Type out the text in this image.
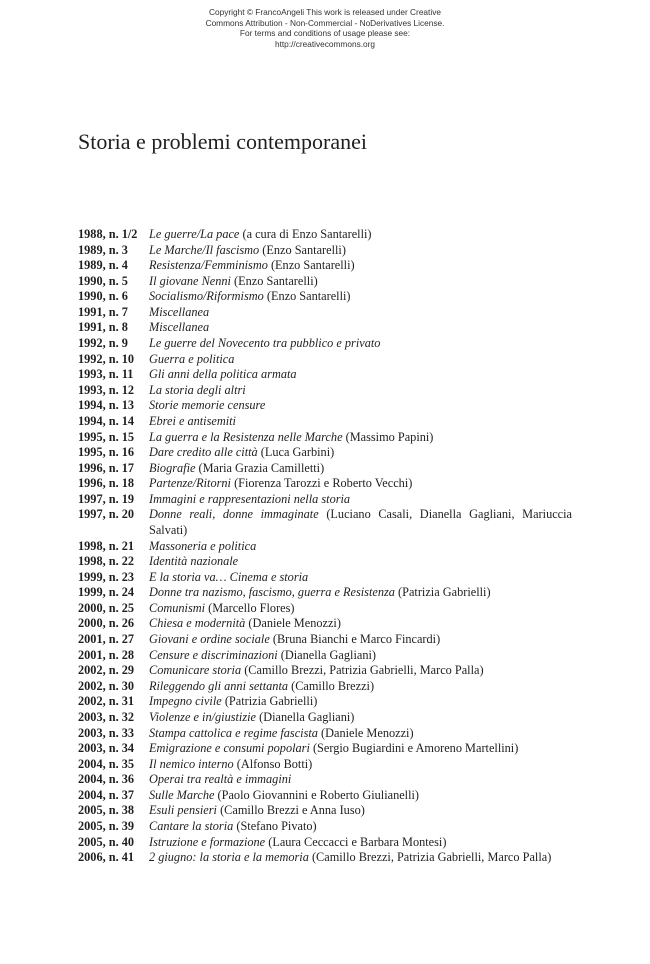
Copyright © FrancoAngeli This work is released under Creative
Commons Attribution - Non-Commercial - NoDerivatives License.
For terms and conditions of usage please see:
http://creativecommons.org
Storia e problemi contemporanei
1988, n. 1/2 Le guerre/La pace (a cura di Enzo Santarelli)
1989, n. 3	Le Marche/Il fascismo (Enzo Santarelli)
1989, n. 4	Resistenza/Femminismo (Enzo Santarelli)
1990, n. 5	Il giovane Nenni (Enzo Santarelli)
1990, n. 6	Socialismo/Riformismo (Enzo Santarelli)
1991, n. 7	Miscellanea
1991, n. 8	Miscellanea
1992, n. 9	Le guerre del Novecento tra pubblico e privato
1992, n. 10	Guerra e politica
1993, n. 11	Gli anni della politica armata
1993, n. 12	La storia degli altri
1994, n. 13	Storie memorie censure
1994, n. 14	Ebrei e antisemiti
1995, n. 15	La guerra e la Resistenza nelle Marche (Massimo Papini)
1995, n. 16	Dare credito alle città (Luca Garbini)
1996, n. 17	Biografie (Maria Grazia Camilletti)
1996, n. 18	Partenze/Ritorni (Fiorenza Tarozzi e Roberto Vecchi)
1997, n. 19	Immagini e rappresentazioni nella storia
1997, n. 20	Donne reali, donne immaginate (Luciano Casali, Dianella Gagliani, Mariuccia Salvati)
1998, n. 21	Massoneria e politica
1998, n. 22	Identità nazionale
1999, n. 23	E la storia va… Cinema e storia
1999, n. 24	Donne tra nazismo, fascismo, guerra e Resistenza (Patrizia Gabrielli)
2000, n. 25	Comunismi (Marcello Flores)
2000, n. 26	Chiesa e modernità (Daniele Menozzi)
2001, n. 27	Giovani e ordine sociale (Bruna Bianchi e Marco Fincardi)
2001, n. 28	Censure e discriminazioni (Dianella Gagliani)
2002, n. 29	Comunicare storia (Camillo Brezzi, Patrizia Gabrielli, Marco Palla)
2002, n. 30	Rileggendo gli anni settanta (Camillo Brezzi)
2002, n. 31	Impegno civile (Patrizia Gabrielli)
2003, n. 32	Violenze e in/giustizie (Dianella Gagliani)
2003, n. 33	Stampa cattolica e regime fascista (Daniele Menozzi)
2003, n. 34	Emigrazione e consumi popolari (Sergio Bugiardini e Amoreno Martellini)
2004, n. 35	Il nemico interno (Alfonso Botti)
2004, n. 36	Operai tra realtà e immagini
2004, n. 37	Sulle Marche (Paolo Giovannini e Roberto Giulianelli)
2005, n. 38	Esuli pensieri (Camillo Brezzi e Anna Iuso)
2005, n. 39	Cantare la storia (Stefano Pivato)
2005, n. 40	Istruzione e formazione (Laura Ceccacci e Barbara Montesi)
2006, n. 41	2 giugno: la storia e la memoria (Camillo Brezzi, Patrizia Gabrielli, Marco Palla)
